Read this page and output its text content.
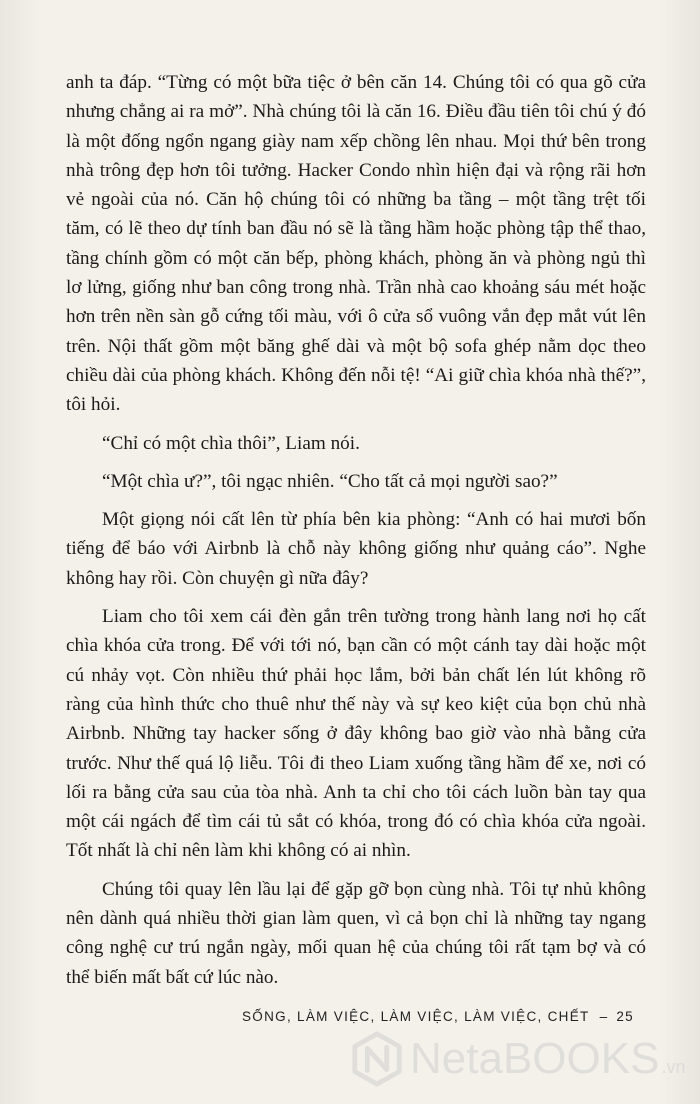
anh ta đáp. “Từng có một bữa tiệc ở bên căn 14. Chúng tôi có qua gõ cửa nhưng chẳng ai ra mở”. Nhà chúng tôi là căn 16. Điều đầu tiên tôi chú ý đó là một đống ngổn ngang giày nam xếp chồng lên nhau. Mọi thứ bên trong nhà trông đẹp hơn tôi tưởng. Hacker Condo nhìn hiện đại và rộng rãi hơn vẻ ngoài của nó. Căn hộ chúng tôi có những ba tầng – một tầng trệt tối tăm, có lẽ theo dự tính ban đầu nó sẽ là tầng hầm hoặc phòng tập thể thao, tầng chính gồm có một căn bếp, phòng khách, phòng ăn và phòng ngủ thì lơ lửng, giống như ban công trong nhà. Trần nhà cao khoảng sáu mét hoặc hơn trên nền sàn gỗ cứng tối màu, với ô cửa sổ vuông vắn đẹp mắt vút lên trên. Nội thất gồm một băng ghế dài và một bộ sofa ghép nằm dọc theo chiều dài của phòng khách. Không đến nỗi tệ! “Ai giữ chìa khóa nhà thế?”, tôi hỏi.

“Chỉ có một chìa thôi”, Liam nói.

“Một chìa ư?”, tôi ngạc nhiên. “Cho tất cả mọi người sao?”

Một giọng nói cất lên từ phía bên kia phòng: “Anh có hai mươi bốn tiếng để báo với Airbnb là chỗ này không giống như quảng cáo”. Nghe không hay rồi. Còn chuyện gì nữa đây?

Liam cho tôi xem cái đèn gắn trên tường trong hành lang nơi họ cất chìa khóa cửa trong. Để với tới nó, bạn cần có một cánh tay dài hoặc một cú nhảy vọt. Còn nhiều thứ phải học lắm, bởi bản chất lén lút không rõ ràng của hình thức cho thuê như thế này và sự keo kiệt của bọn chủ nhà Airbnb. Những tay hacker sống ở đây không bao giờ vào nhà bằng cửa trước. Như thế quá lộ liễu. Tôi đi theo Liam xuống tầng hầm để xe, nơi có lối ra bằng cửa sau của tòa nhà. Anh ta chỉ cho tôi cách luồn bàn tay qua một cái ngách để tìm cái tủ sắt có khóa, trong đó có chìa khóa cửa ngoài. Tốt nhất là chỉ nên làm khi không có ai nhìn.

Chúng tôi quay lên lầu lại để gặp gỡ bọn cùng nhà. Tôi tự nhủ không nên dành quá nhiều thời gian làm quen, vì cả bọn chỉ là những tay ngang công nghệ cư trú ngắn ngày, mối quan hệ của chúng tôi rất tạm bợ và có thể biến mất bất cứ lúc nào.

SỐNG, LÀM VIỆC, LÀM VIỆC, LÀM VIỆC, CHẾT – 25
NetaBOOKS .vn
